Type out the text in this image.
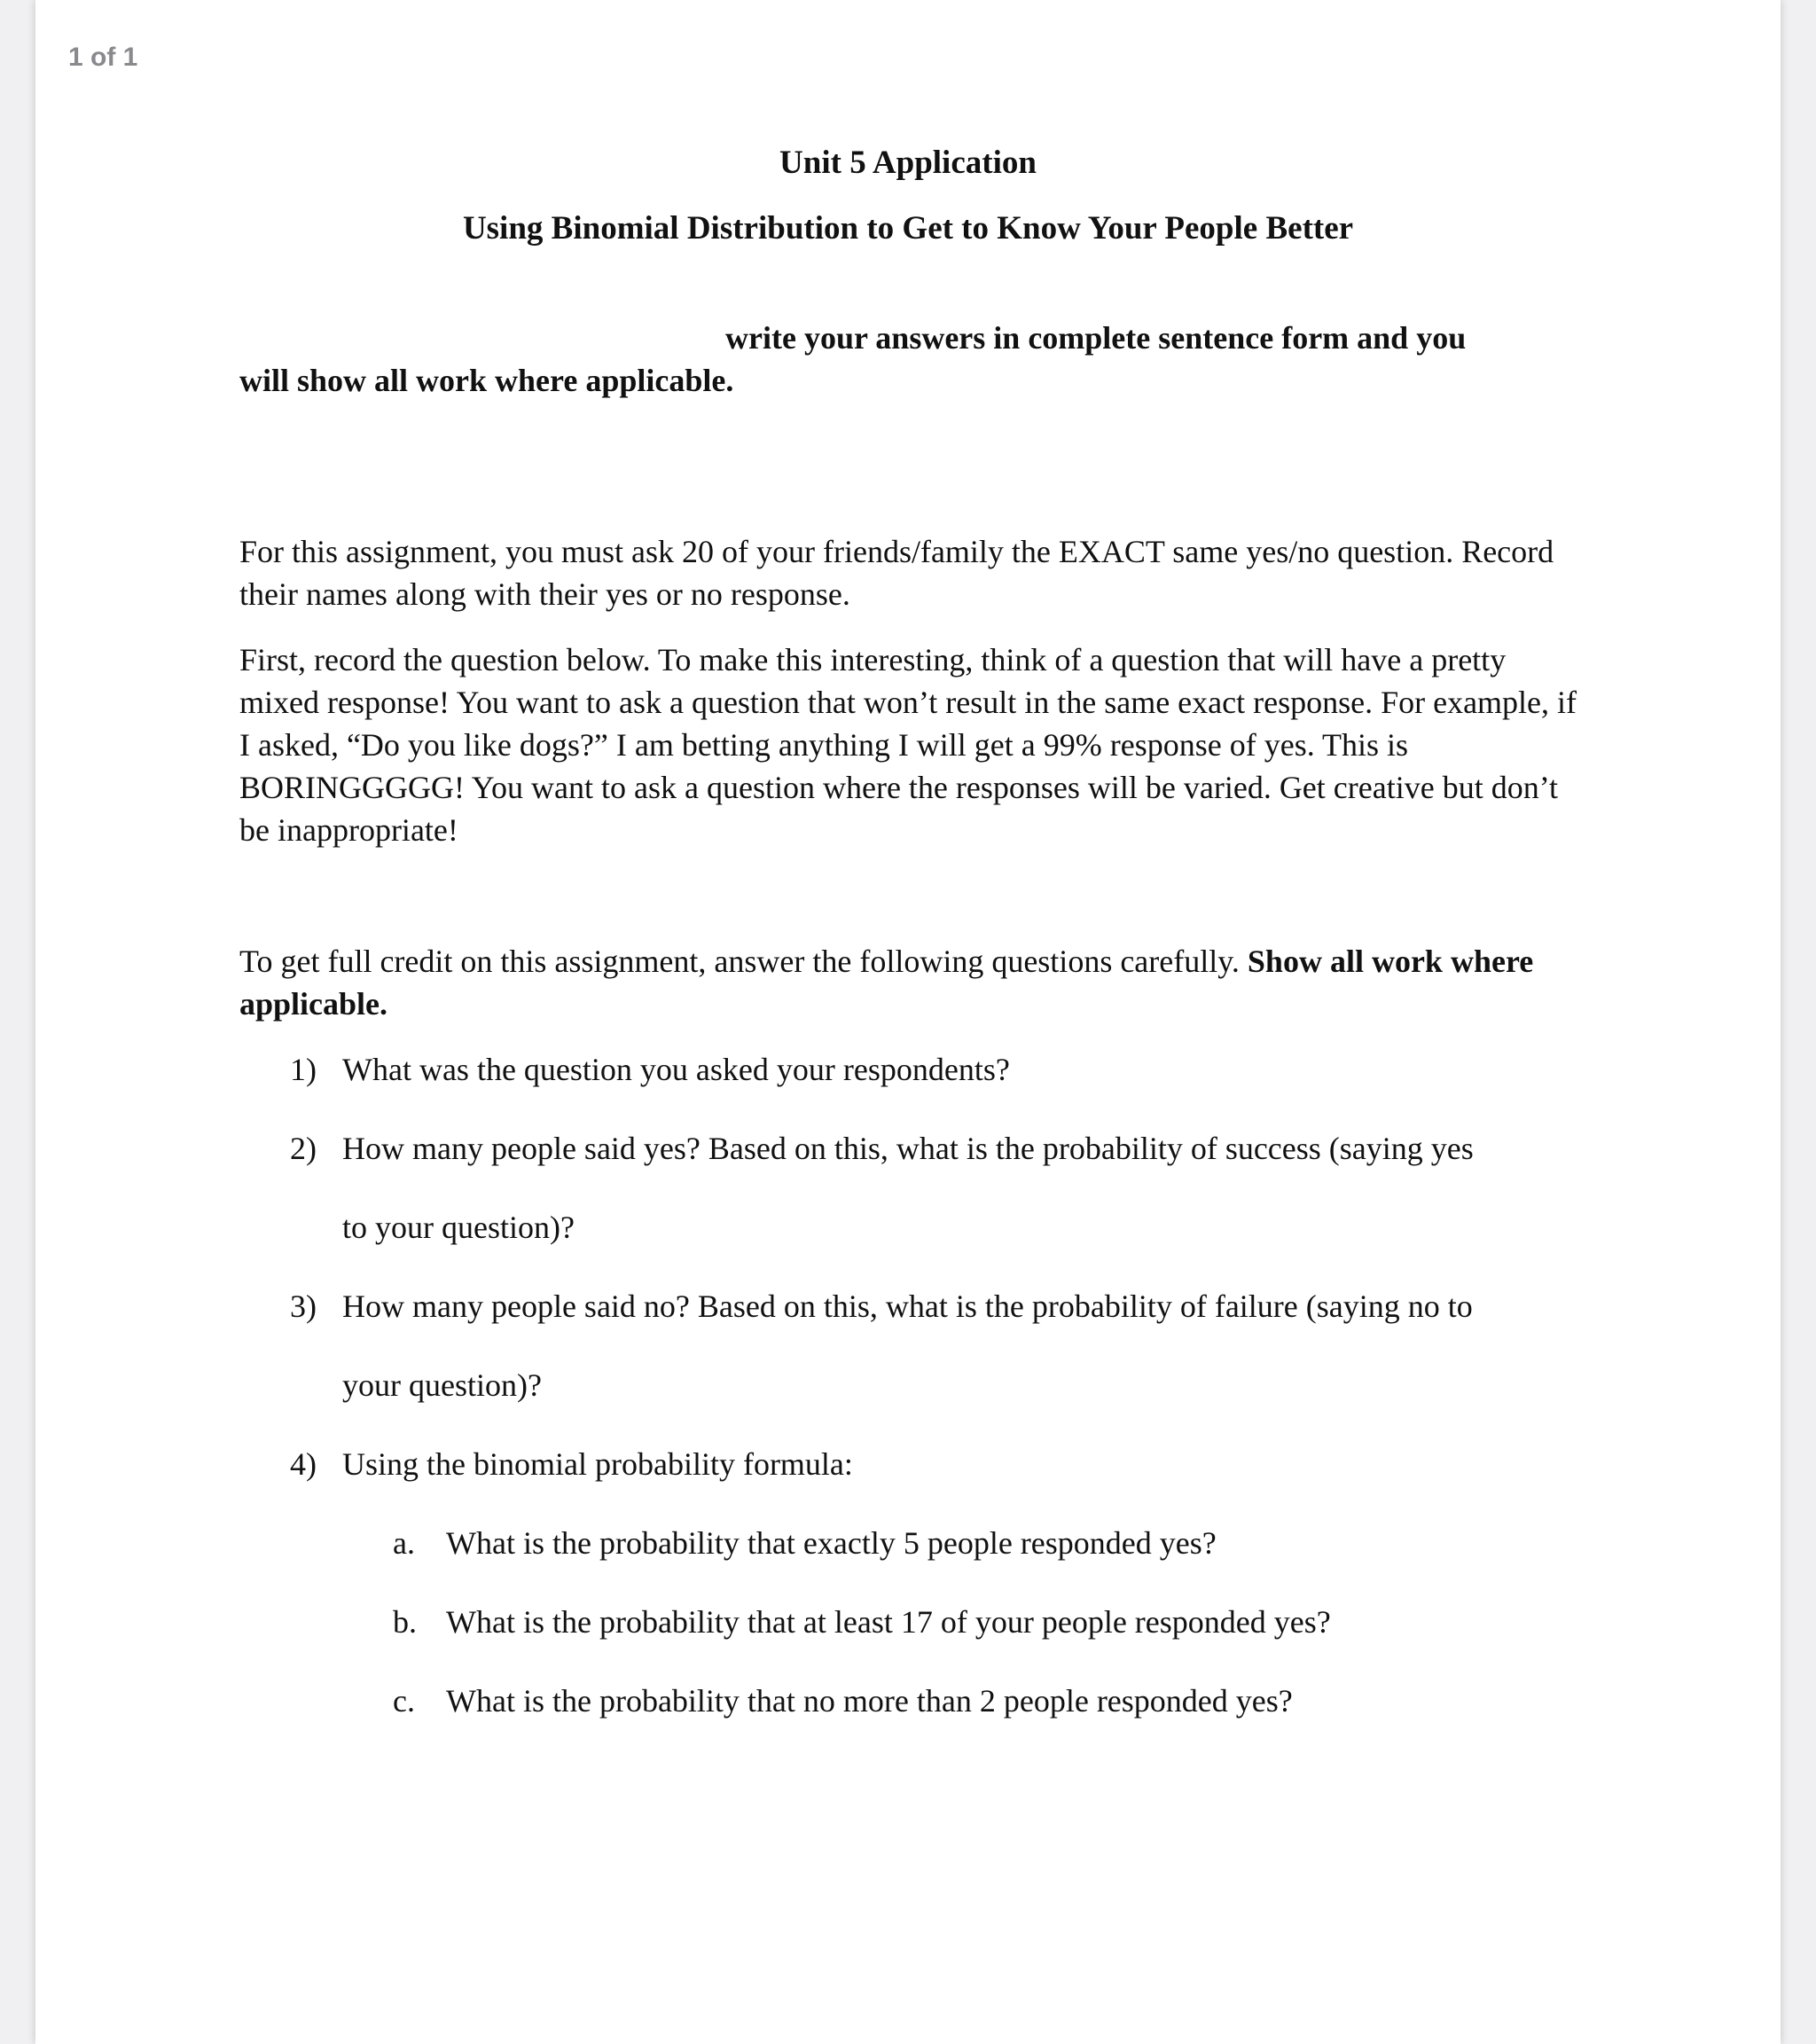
1 of 1
Unit 5 Application
Using Binomial Distribution to Get to Know Your People Better
write your answers in complete sentence form and you
will show all work where applicable.

For this assignment, you must ask 20 of your friends/family the EXACT same yes/no question. Record their names along with their yes or no response.

First, record the question below. To make this interesting, think of a question that will have a pretty mixed response! You want to ask a question that won’t result in the same exact response. For example, if I asked, “Do you like dogs?” I am betting anything I will get a 99% response of yes. This is BORINGGGGG! You want to ask a question where the responses will be varied. Get creative but don’t be inappropriate!

To get full credit on this assignment, answer the following questions carefully. Show all work where applicable.

1) What was the question you asked your respondents?
2) How many people said yes? Based on this, what is the probability of success (saying yes
to your question)?
3) How many people said no? Based on this, what is the probability of failure (saying no to
your question)?
4) Using the binomial probability formula:
a. What is the probability that exactly 5 people responded yes?
b. What is the probability that at least 17 of your people responded yes?
c. What is the probability that no more than 2 people responded yes?
